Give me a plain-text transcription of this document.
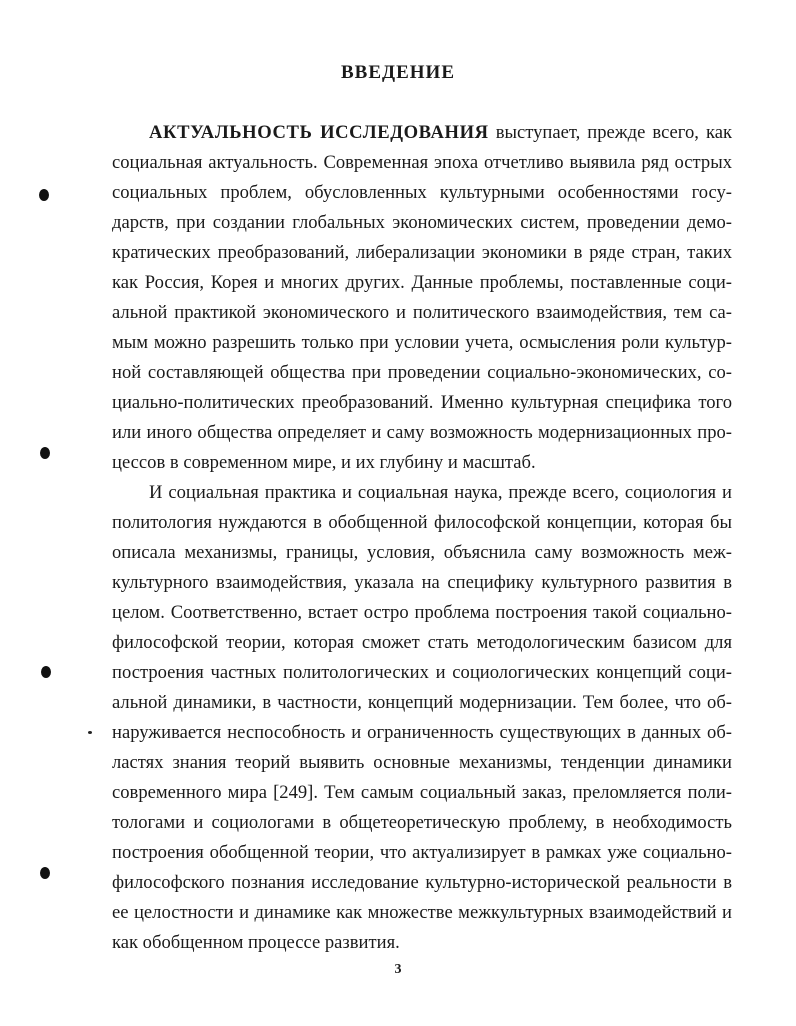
ВВЕДЕНИЕ
АКТУАЛЬНОСТЬ ИССЛЕДОВАНИЯ выступает, прежде всего, как
социальная актуальность. Современная эпоха отчетливо выявила ряд острых
социальных проблем, обусловленных культурными особенностями госу-
дарств, при создании глобальных экономических систем, проведении демо-
кратических преобразований, либерализации экономики в ряде стран, таких
как Россия, Корея и многих других. Данные проблемы, поставленные соци-
альной практикой экономического и политического взаимодействия, тем са-
мым можно разрешить только при условии учета, осмысления роли культур-
ной составляющей общества при проведении социально-экономических, со-
циально-политических преобразований. Именно культурная специфика того
или иного общества определяет и саму возможность модернизационных про-
цессов в современном мире, и их глубину и масштаб.
И социальная практика и социальная наука, прежде всего, социология и
политология нуждаются в обобщенной философской концепции, которая бы
описала механизмы, границы, условия, объяснила саму возможность меж-
культурного взаимодействия, указала на специфику культурного развития в
целом. Соответственно, встает остро проблема построения такой социально-
философской теории, которая сможет стать методологическим базисом для
построения частных политологических и социологических концепций соци-
альной динамики, в частности, концепций модернизации. Тем более, что об-
наруживается неспособность и ограниченность существующих в данных об-
ластях знания теорий выявить основные механизмы, тенденции динамики
современного мира [249]. Тем самым социальный заказ, преломляется поли-
тологами и социологами в общетеоретическую проблему, в необходимость
построения обобщенной теории, что актуализирует в рамках уже социально-
философского познания исследование культурно-исторической реальности в
ее целостности и динамике как множестве межкультурных взаимодействий и
как обобщенном процессе развития.
3
